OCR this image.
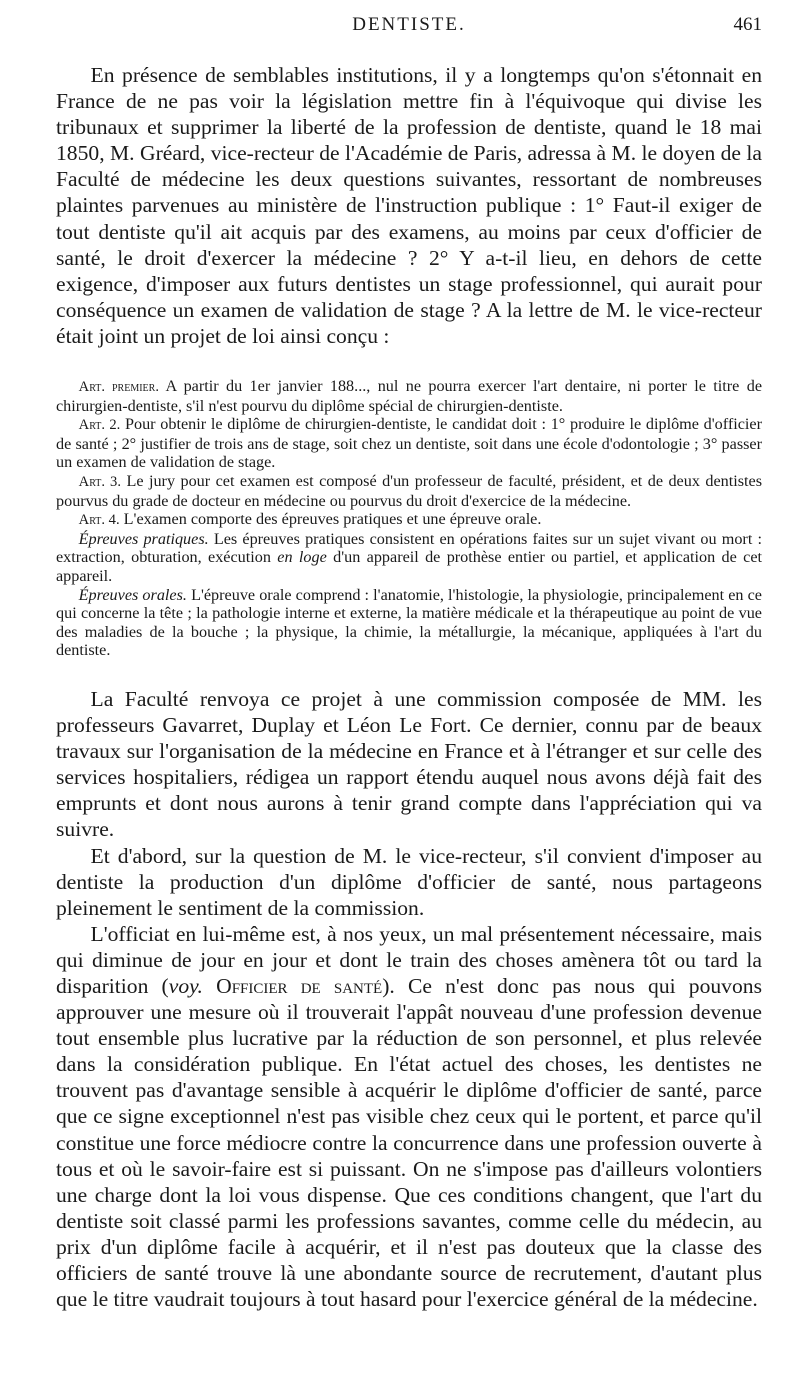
DENTISTE.	461

En présence de semblables institutions, il y a longtemps qu'on s'étonnait en France de ne pas voir la législation mettre fin à l'équivoque qui divise les tribunaux et supprimer la liberté de la profession de dentiste, quand le 18 mai 1850, M. Gréard, vice-recteur de l'Académie de Paris, adressa à M. le doyen de la Faculté de médecine les deux questions suivantes, ressortant de nombreuses plaintes parvenues au ministère de l'instruction publique : 1° Faut-il exiger de tout dentiste qu'il ait acquis par des examens, au moins par ceux d'officier de santé, le droit d'exercer la médecine ? 2° Y a-t-il lieu, en dehors de cette exigence, d'imposer aux futurs dentistes un stage professionnel, qui aurait pour conséquence un examen de validation de stage ? A la lettre de M. le vice-recteur était joint un projet de loi ainsi conçu :

Art. premier. A partir du 1er janvier 188..., nul ne pourra exercer l'art dentaire, ni porter le titre de chirurgien-dentiste, s'il n'est pourvu du diplôme spécial de chirurgien-dentiste.

Art. 2. Pour obtenir le diplôme de chirurgien-dentiste, le candidat doit : 1° produire le diplôme d'officier de santé ; 2° justifier de trois ans de stage, soit chez un dentiste, soit dans une école d'odontologie ; 3° passer un examen de validation de stage.

Art. 3. Le jury pour cet examen est composé d'un professeur de faculté, président, et de deux dentistes pourvus du grade de docteur en médecine ou pourvus du droit d'exercice de la médecine.

Art. 4. L'examen comporte des épreuves pratiques et une épreuve orale.

Épreuves pratiques. Les épreuves pratiques consistent en opérations faites sur un sujet vivant ou mort : extraction, obturation, exécution en loge d'un appareil de prothèse entier ou partiel, et application de cet appareil.

Épreuves orales. L'épreuve orale comprend : l'anatomie, l'histologie, la physiologie, principalement en ce qui concerne la tête ; la pathologie interne et externe, la matière médicale et la thérapeutique au point de vue des maladies de la bouche ; la physique, la chimie, la métallurgie, la mécanique, appliquées à l'art du dentiste.

La Faculté renvoya ce projet à une commission composée de MM. les professeurs Gavarret, Duplay et Léon Le Fort. Ce dernier, connu par de beaux travaux sur l'organisation de la médecine en France et à l'étranger et sur celle des services hospitaliers, rédigea un rapport étendu auquel nous avons déjà fait des emprunts et dont nous aurons à tenir grand compte dans l'appréciation qui va suivre.

Et d'abord, sur la question de M. le vice-recteur, s'il convient d'imposer au dentiste la production d'un diplôme d'officier de santé, nous partageons pleinement le sentiment de la commission.

L'officiat en lui-même est, à nos yeux, un mal présentement nécessaire, mais qui diminue de jour en jour et dont le train des choses amènera tôt ou tard la disparition (voy. Officier de santé). Ce n'est donc pas nous qui pouvons approuver une mesure où il trouverait l'appât nouveau d'une profession devenue tout ensemble plus lucrative par la réduction de son personnel, et plus relevée dans la considération publique. En l'état actuel des choses, les dentistes ne trouvent pas d'avantage sensible à acquérir le diplôme d'officier de santé, parce que ce signe exceptionnel n'est pas visible chez ceux qui le portent, et parce qu'il constitue une force médiocre contre la concurrence dans une profession ouverte à tous et où le savoir-faire est si puissant. On ne s'impose pas d'ailleurs volontiers une charge dont la loi vous dispense. Que ces conditions changent, que l'art du dentiste soit classé parmi les professions savantes, comme celle du médecin, au prix d'un diplôme facile à acquérir, et il n'est pas douteux que la classe des officiers de santé trouve là une abondante source de recrutement, d'autant plus que le titre vaudrait toujours à tout hasard pour l'exercice général de la médecine.
